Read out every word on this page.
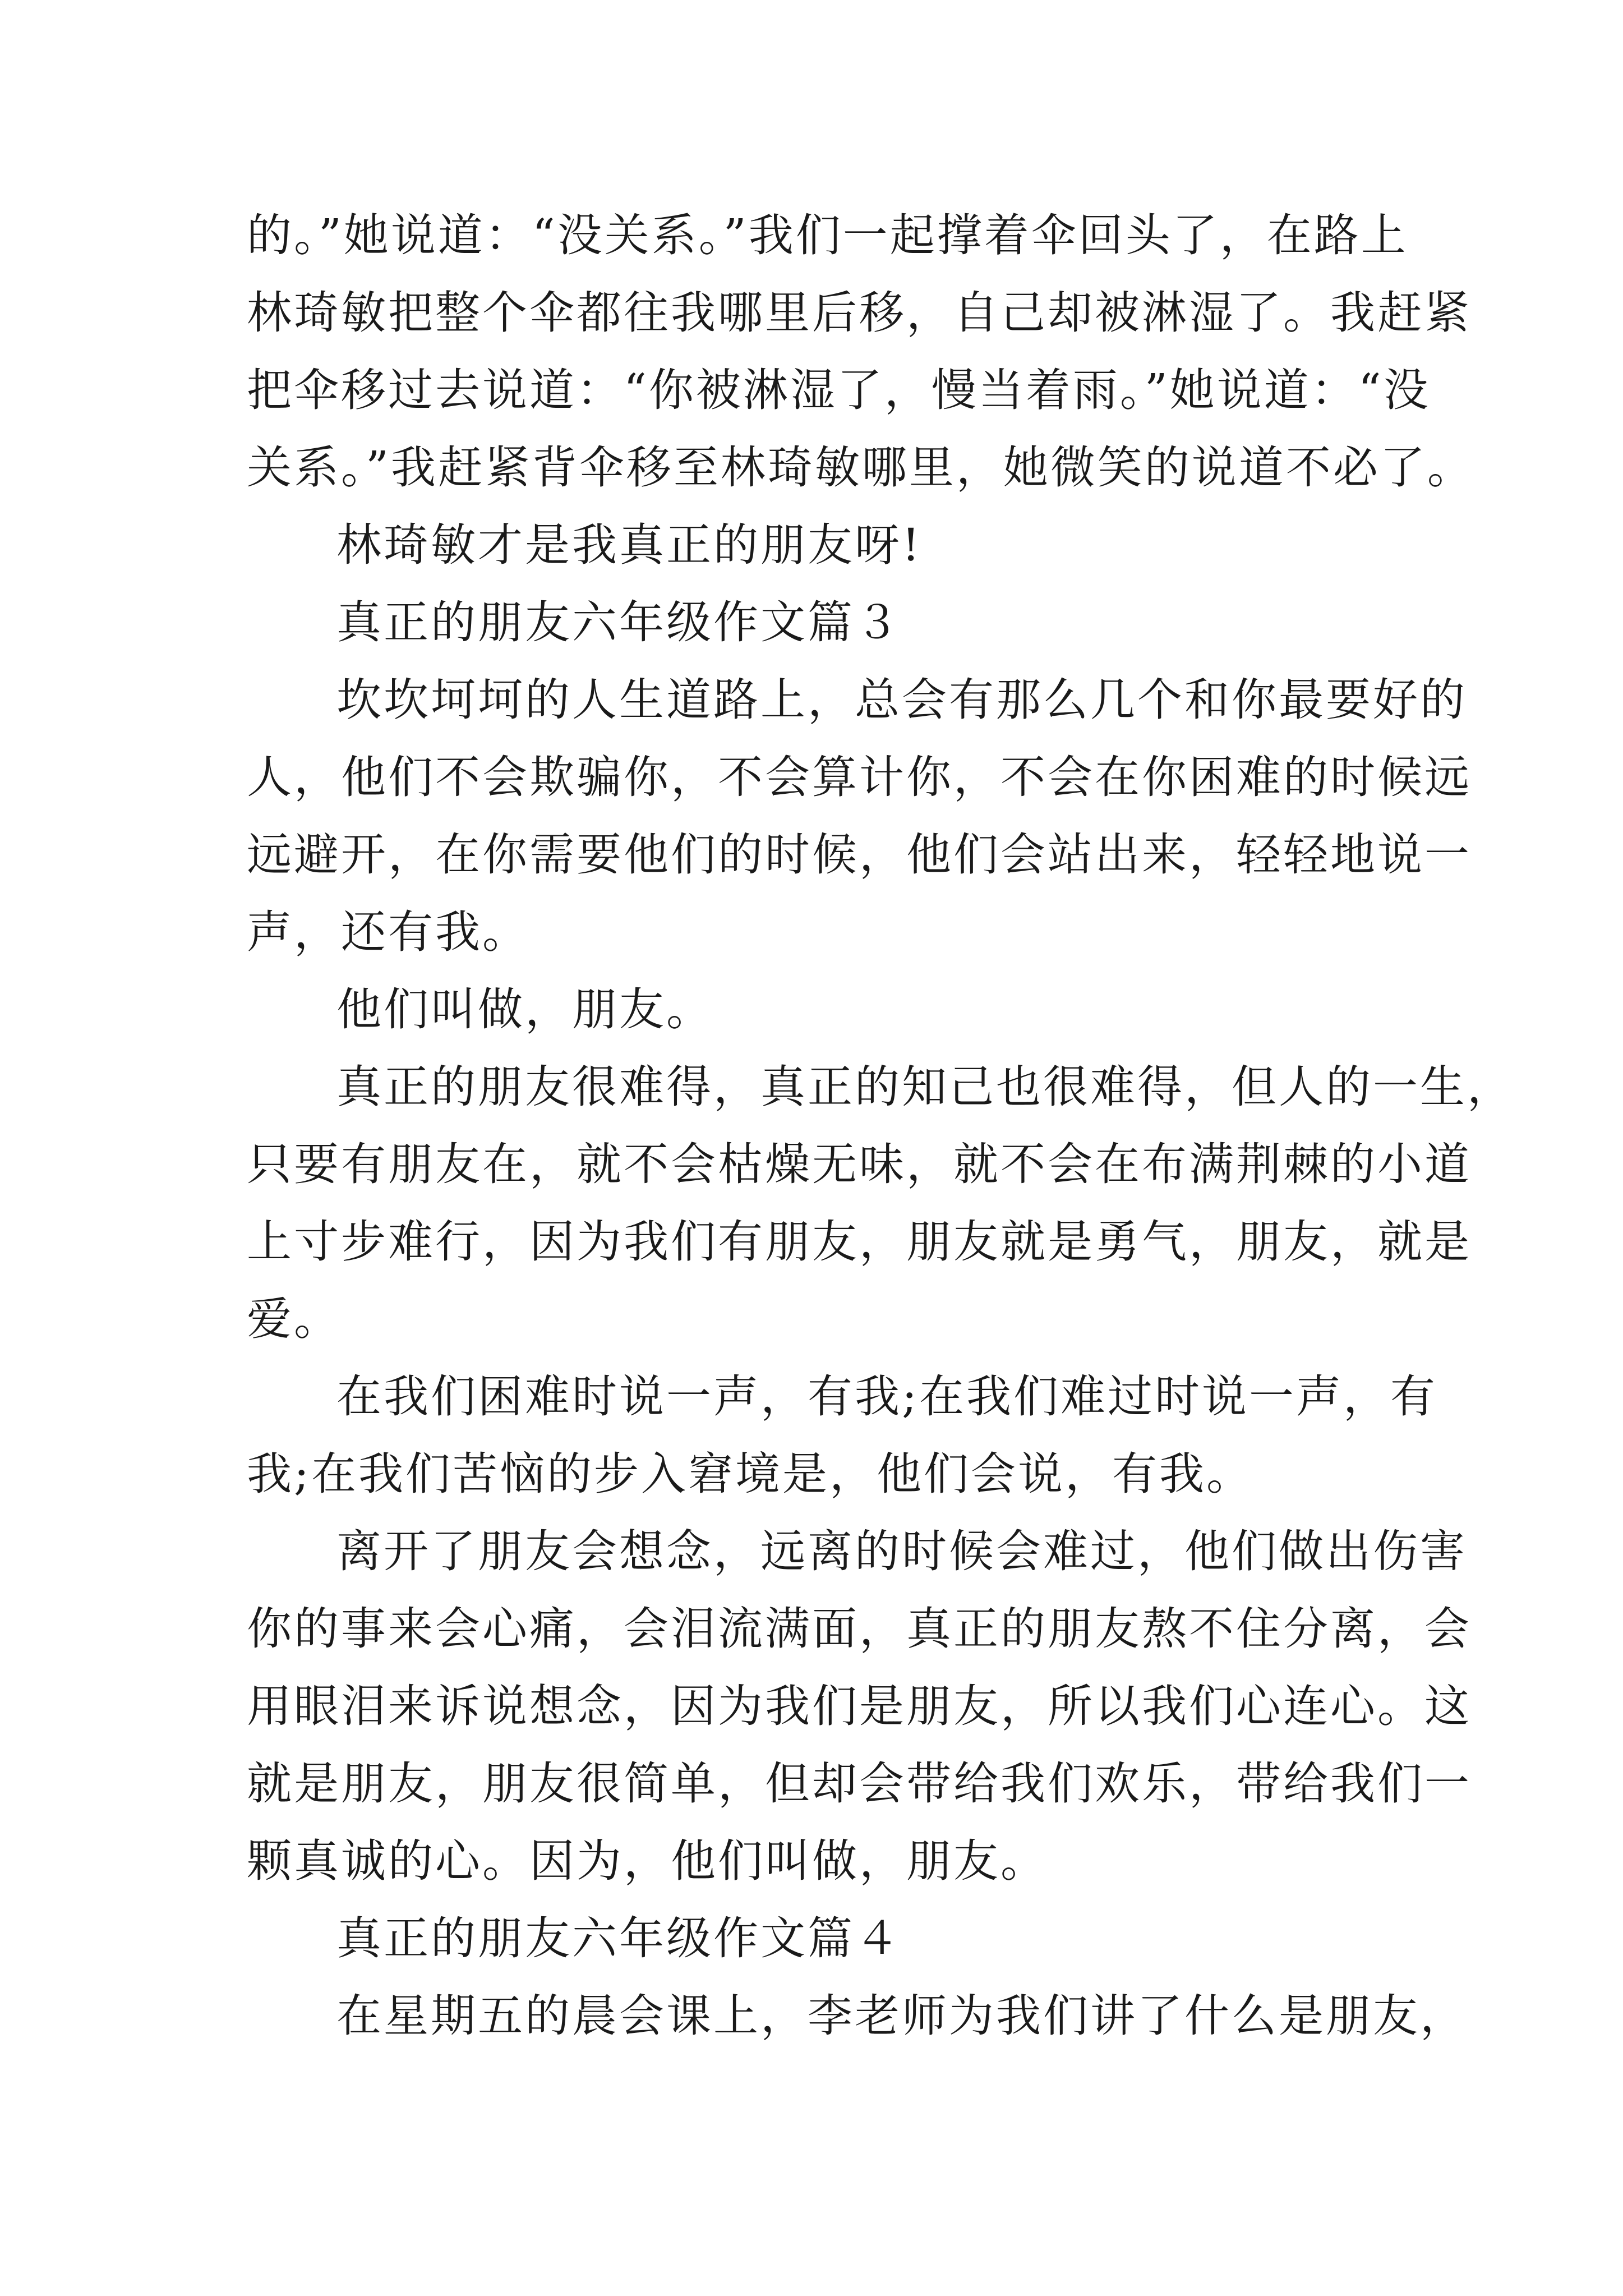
的。”她说道：“没关系。”我们一起撑着伞回头了，在路上
林琦敏把整个伞都往我哪里后移，自己却被淋湿了。我赶紧
把伞移过去说道：“你被淋湿了，慢当着雨。”她说道：“没
关系。”我赶紧背伞移至林琦敏哪里，她微笑的说道不必了。
林琦敏才是我真正的朋友呀!
真正的朋友六年级作文篇３
坎坎坷坷的人生道路上，总会有那么几个和你最要好的
人，他们不会欺骗你，不会算计你，不会在你困难的时候远
远避开，在你需要他们的时候，他们会站出来，轻轻地说一
声，还有我。
他们叫做，朋友。
真正的朋友很难得，真正的知己也很难得，但人的一生，
只要有朋友在，就不会枯燥无味，就不会在布满荆棘的小道
上寸步难行，因为我们有朋友，朋友就是勇气，朋友，就是
爱。
在我们困难时说一声，有我;在我们难过时说一声，有
我;在我们苦恼的步入窘境是，他们会说，有我。
离开了朋友会想念，远离的时候会难过，他们做出伤害
你的事来会心痛，会泪流满面，真正的朋友熬不住分离，会
用眼泪来诉说想念，因为我们是朋友，所以我们心连心。这
就是朋友，朋友很简单，但却会带给我们欢乐，带给我们一
颗真诚的心。因为，他们叫做，朋友。
真正的朋友六年级作文篇４
在星期五的晨会课上，李老师为我们讲了什么是朋友，
